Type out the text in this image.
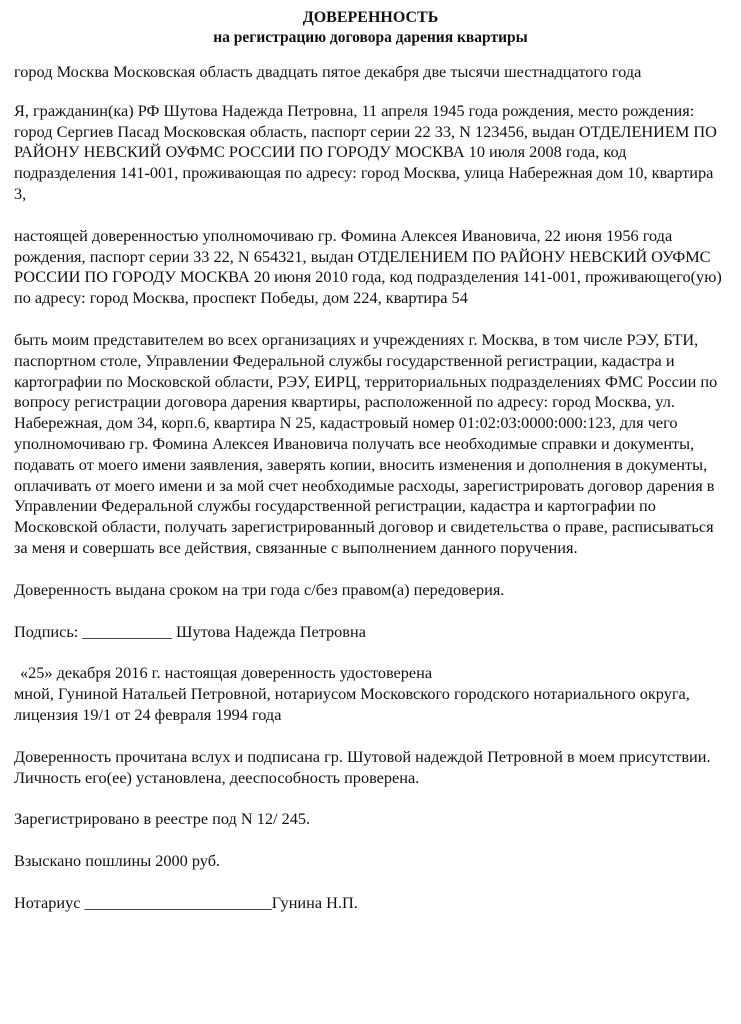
ДОВЕРЕННОСТЬ

на регистрацию договора дарения квартиры

город Москва Московская область двадцать пятое декабря две тысячи шестнадцатого года

Я, гражданин(ка) РФ Шутова Надежда Петровна, 11 апреля 1945 года рождения, место рождения: город Сергиев Пасад Московская область, паспорт серии 22 33, N 123456, выдан ОТДЕЛЕНИЕМ ПО РАЙОНУ НЕВСКИЙ ОУФМС РОССИИ ПО ГОРОДУ МОСКВА 10 июля 2008 года, код подразделения 141-001, проживающая по адресу: город Москва, улица Набережная дом 10, квартира 3,

настоящей доверенностью уполномочиваю гр. Фомина Алексея Ивановича, 22 июня 1956 года рождения, паспорт серии 33 22, N 654321, выдан ОТДЕЛЕНИЕМ ПО РАЙОНУ НЕВСКИЙ ОУФМС РОССИИ ПО ГОРОДУ МОСКВА 20 июня 2010 года, код подразделения 141-001, проживающего(ую) по адресу: город Москва, проспект Победы, дом 224, квартира 54

быть моим представителем во всех организациях и учреждениях г. Москва, в том числе РЭУ, БТИ, паспортном столе, Управлении Федеральной службы государственной регистрации, кадастра и картографии по Московской области, РЭУ, ЕИРЦ, территориальных подразделениях ФМС России по вопросу регистрации договора дарения квартиры, расположенной по адресу: город Москва, ул. Набережная, дом 34, корп.6, квартира N 25, кадастровый номер 01:02:03:0000:000:123, для чего уполномочиваю гр. Фомина Алексея Ивановича получать все необходимые справки и документы, подавать от моего имени заявления, заверять копии, вносить изменения и дополнения в документы, оплачивать от моего имени и за мой счет необходимые расходы, зарегистрировать договор дарения в Управлении Федеральной службы государственной регистрации, кадастра и картографии по Московской области, получать зарегистрированный договор и свидетельства о праве, расписываться за меня и совершать все действия, связанные с выполнением данного поручения.

Доверенность выдана сроком на три года с/без правом(а) передоверия.

Подпись: ___________ Шутова Надежда Петровна

«25» декабря 2016 г. настоящая доверенность удостоверена

мной, Гуниной Натальей Петровной, нотариусом Московского городского нотариального округа, лицензия 19/1 от 24 февраля 1994 года

Доверенность прочитана вслух и подписана гр. Шутовой надеждой Петровной в моем присутствии. Личность его(ее) установлена, дееспособность проверена.

Зарегистрировано в реестре под N 12/ 245.

Взыскано пошлины 2000 руб.

Нотариус _______________________Гунина Н.П.
